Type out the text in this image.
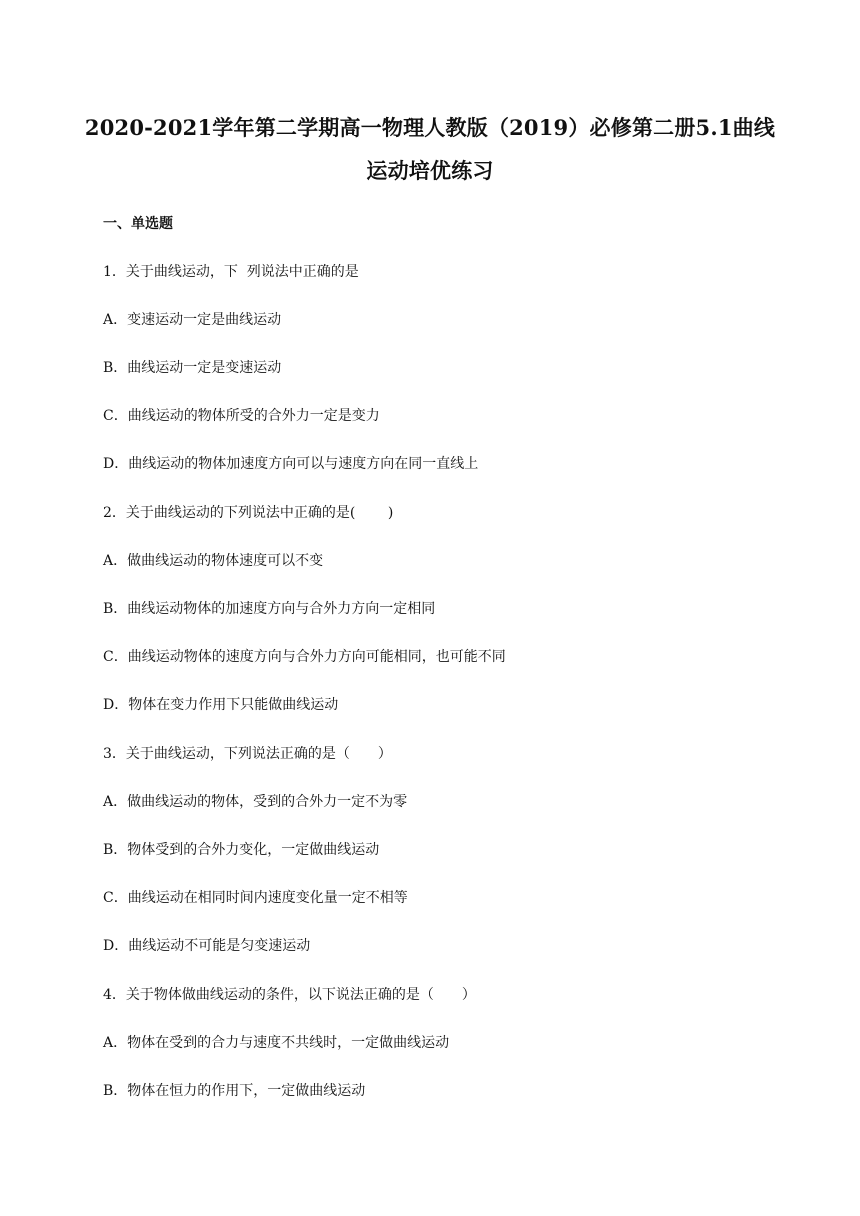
2020-2021学年第二学期高一物理人教版（2019）必修第二册5.1曲线
运动培优练习
一、单选题
1．关于曲线运动，下  列说法中正确的是
A．变速运动一定是曲线运动
B．曲线运动一定是变速运动
C．曲线运动的物体所受的合外力一定是变力
D．曲线运动的物体加速度方向可以与速度方向在同一直线上
2．关于曲线运动的下列说法中正确的是(　　 )
A．做曲线运动的物体速度可以不变
B．曲线运动物体的加速度方向与合外力方向一定相同
C．曲线运动物体的速度方向与合外力方向可能相同，也可能不同
D．物体在变力作用下只能做曲线运动
3．关于曲线运动，下列说法正确的是（　　）
A．做曲线运动的物体，受到的合外力一定不为零
B．物体受到的合外力变化，一定做曲线运动
C．曲线运动在相同时间内速度变化量一定不相等
D．曲线运动不可能是匀变速运动
4．关于物体做曲线运动的条件，以下说法正确的是（　　）
A．物体在受到的合力与速度不共线时，一定做曲线运动
B．物体在恒力的作用下，一定做曲线运动
